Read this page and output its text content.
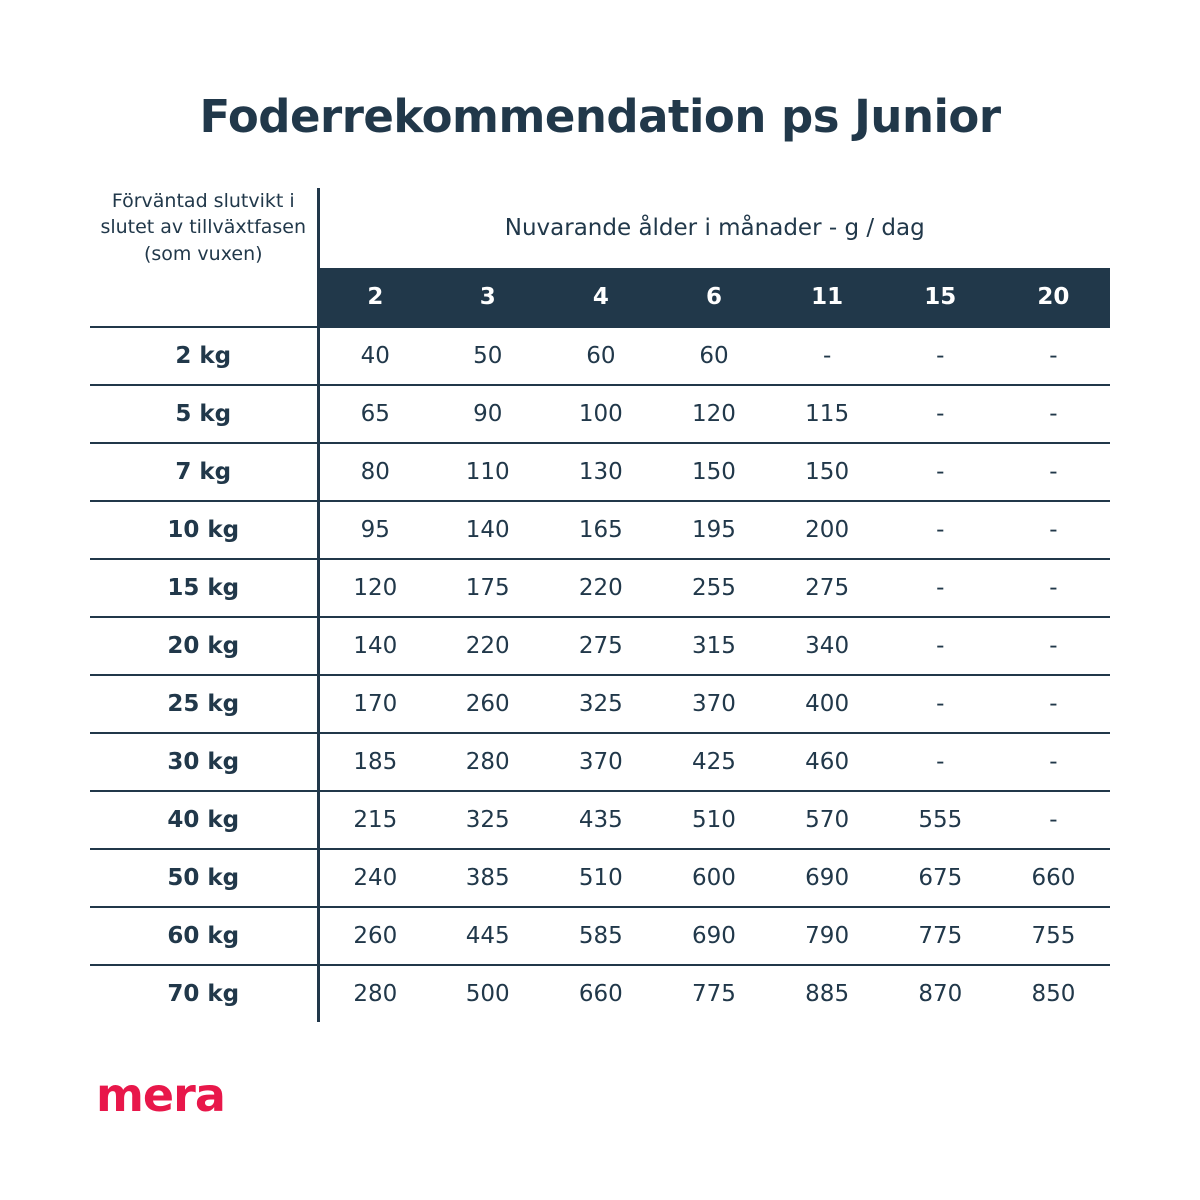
Foderrekommendation ps Junior
Förväntad slutvikt i slutet av tillväxtfasen (som vuxen)	Nuvarande ålder i månader - g / dag						
	2	3	4	6	11	15	20
2 kg	40	50	60	60	-	-	-
5 kg	65	90	100	120	115	-	-
7 kg	80	110	130	150	150	-	-
10 kg	95	140	165	195	200	-	-
15 kg	120	175	220	255	275	-	-
20 kg	140	220	275	315	340	-	-
25 kg	170	260	325	370	400	-	-
30 kg	185	280	370	425	460	-	-
40 kg	215	325	435	510	570	555	-
50 kg	240	385	510	600	690	675	660
60 kg	260	445	585	690	790	775	755
70 kg	280	500	660	775	885	870	850
mera
